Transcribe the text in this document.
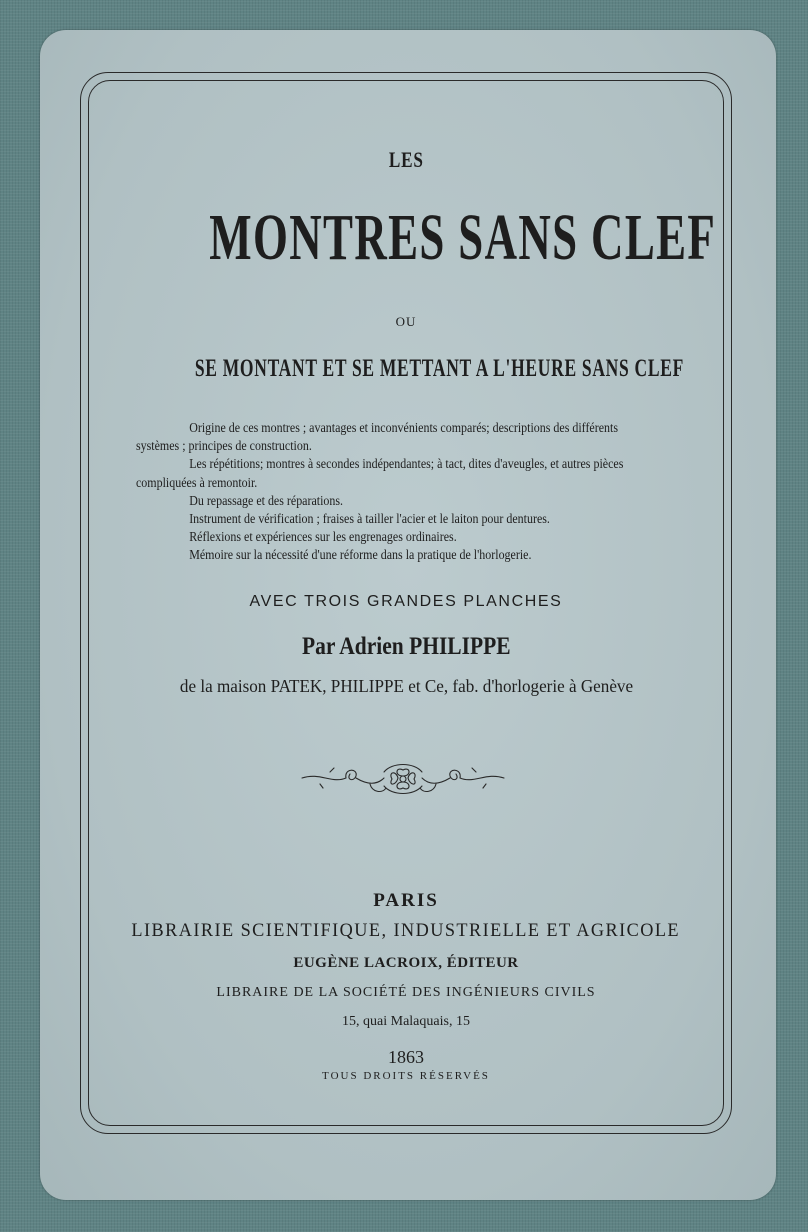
LES

MONTRES SANS CLEF

OU

SE MONTANT ET SE METTANT A L'HEURE SANS CLEF

Origine de ces montres ; avantages et inconvénients comparés; descriptions des différents

systèmes ; principes de construction.

Les répétitions; montres à secondes indépendantes; à tact, dites d'aveugles, et autres pièces

compliquées à remontoir.

Du repassage et des réparations.

Instrument de vérification ; fraises à tailler l'acier et le laiton pour dentures.

Réflexions et expériences sur les engrenages ordinaires.

Mémoire sur la nécessité d'une réforme dans la pratique de l'horlogerie.

AVEC TROIS GRANDES PLANCHES

Par Adrien PHILIPPE

de la maison PATEK, PHILIPPE et Ce, fab. d'horlogerie à Genève

PARIS

LIBRAIRIE SCIENTIFIQUE, INDUSTRIELLE ET AGRICOLE

EUGÈNE LACROIX, ÉDITEUR

LIBRAIRE DE LA SOCIÉTÉ DES INGÉNIEURS CIVILS

15, quai Malaquais, 15

1863

TOUS DROITS RÉSERVÉS
